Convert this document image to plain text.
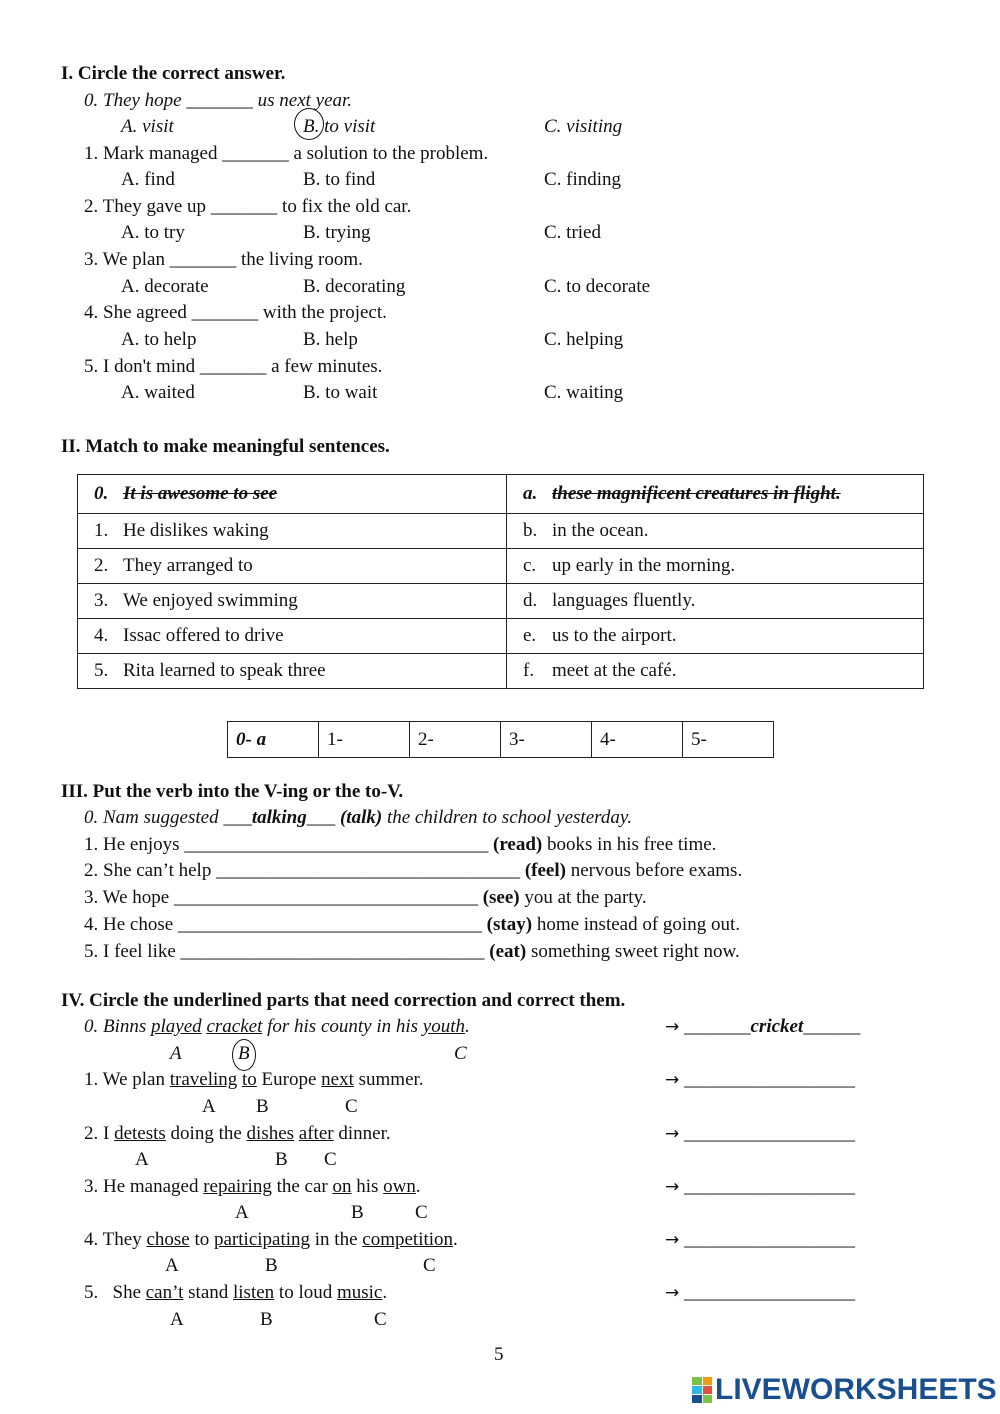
I. Circle the correct answer.
0. They hope _______ us next year.
A. visit	B. to visit	C. visiting
1. Mark managed _______ a solution to the problem.
A. find	B. to find	C. finding
2. They gave up _______ to fix the old car.
A. to try	B. trying	C. tried
3. We plan _______ the living room.
A. decorate	B. decorating	C. to decorate
4. She agreed _______ with the project.
A. to help	B. help	C. helping
5. I don't mind _______ a few minutes.
A. waited	B. to wait	C. waiting
II. Match to make meaningful sentences.
0. It is awesome to see	a. these magnificent creatures in flight.
1. He dislikes waking	b. in the ocean.
2. They arranged to	c. up early in the morning.
3. We enjoyed swimming	d. languages fluently.
4. Issac offered to drive	e. us to the airport.
5. Rita learned to speak three	f. meet at the café.
0- a	1-	2-	3-	4-	5-
III. Put the verb into the V-ing or the to-V.
0. Nam suggested ___talking___ (talk) the children to school yesterday.
1. He enjoys ________________________________ (read) books in his free time.
2. She can’t help ________________________________ (feel) nervous before exams.
3. We hope ________________________________ (see) you at the party.
4. He chose ________________________________ (stay) home instead of going out.
5. I feel like ________________________________ (eat) something sweet right now.
IV. Circle the underlined parts that need correction and correct them.
0. Binns played cracket for his county in his youth.	→ _______cricket______
A	B	C
1. We plan traveling to Europe next summer.	→ __________________
A B	C
2. I detests doing the dishes after dinner.	→ __________________
A	B C
3. He managed repairing the car on his own.	→ __________________
A	B	C
4. They chose to participating in the competition.	→ __________________
A	B	C
5.   She can’t stand listen to loud music.	→ __________________
A	B	C
5
LIVEWORKSHEETS
